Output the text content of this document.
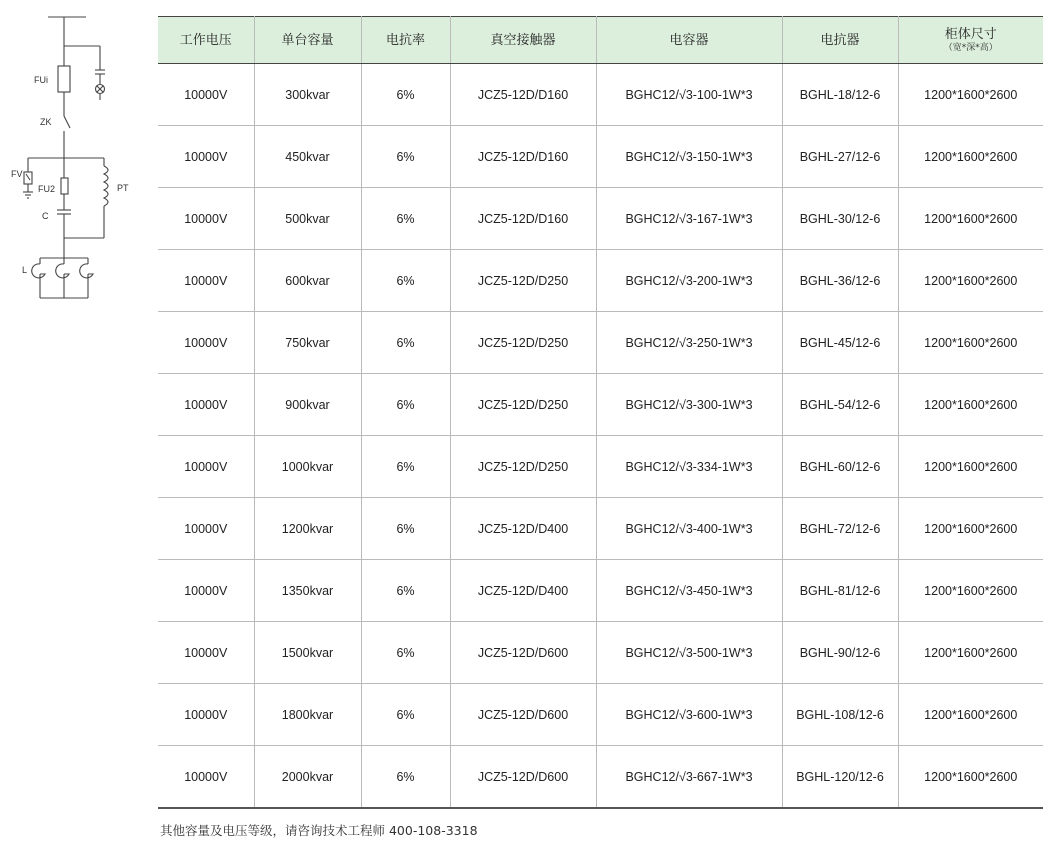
FUi
ZK
FV
FU2	PT
C
L
工作电压	单台容量	电抗率	真空接触器	电容器	电抗器	柜体尺寸
（宽*深*高）

10000V	300kvar	6%	JCZ5-12D/D160	BGHC12/√3-100-1W*3	BGHL-18/12-6	1200*1600*2600
10000V	450kvar	6%	JCZ5-12D/D160	BGHC12/√3-150-1W*3	BGHL-27/12-6	1200*1600*2600
10000V	500kvar	6%	JCZ5-12D/D160	BGHC12/√3-167-1W*3	BGHL-30/12-6	1200*1600*2600
10000V	600kvar	6%	JCZ5-12D/D250	BGHC12/√3-200-1W*3	BGHL-36/12-6	1200*1600*2600
10000V	750kvar	6%	JCZ5-12D/D250	BGHC12/√3-250-1W*3	BGHL-45/12-6	1200*1600*2600
10000V	900kvar	6%	JCZ5-12D/D250	BGHC12/√3-300-1W*3	BGHL-54/12-6	1200*1600*2600
10000V	1000kvar	6%	JCZ5-12D/D250	BGHC12/√3-334-1W*3	BGHL-60/12-6	1200*1600*2600
10000V	1200kvar	6%	JCZ5-12D/D400	BGHC12/√3-400-1W*3	BGHL-72/12-6	1200*1600*2600
10000V	1350kvar	6%	JCZ5-12D/D400	BGHC12/√3-450-1W*3	BGHL-81/12-6	1200*1600*2600
10000V	1500kvar	6%	JCZ5-12D/D600	BGHC12/√3-500-1W*3	BGHL-90/12-6	1200*1600*2600
10000V	1800kvar	6%	JCZ5-12D/D600	BGHC12/√3-600-1W*3	BGHL-108/12-6	1200*1600*2600
10000V	2000kvar	6%	JCZ5-12D/D600	BGHC12/√3-667-1W*3	BGHL-120/12-6	1200*1600*2600
其他容量及电压等级，请咨询技术工程师 400-108-3318
